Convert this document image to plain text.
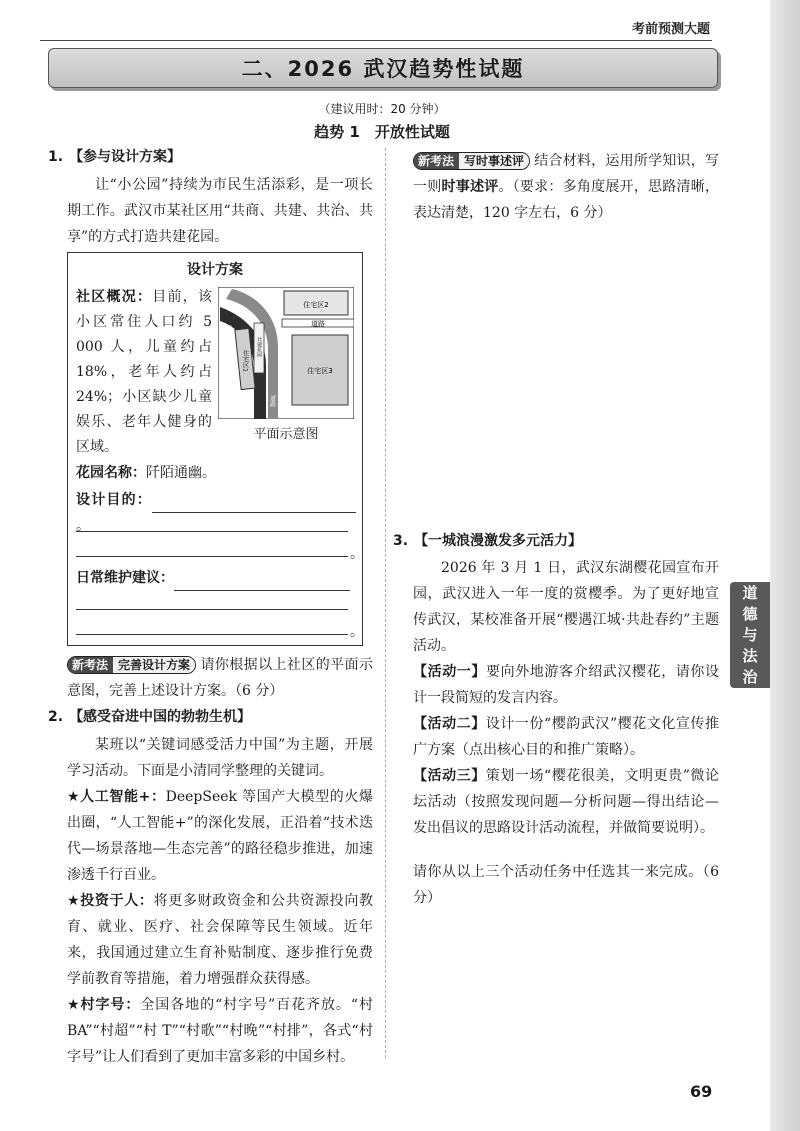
考前预测大题
二、2026 武汉趋势性试题
（建议用时：20 分钟）
趋势 1　开放性试题
1. 【参与设计方案】
让“小公园”持续为市民生活添彩，是一项长期工作。武汉市某社区用“共商、共建、共治、共享”的方式打造共建花园。
设计方案
社区概况：目前，该小区常住人口约 5 000 人，儿童约占 18%，老年人约占 24%；小区缺少儿童娱乐、老年人健身的区域。
住宅区2
道路
住宅区3
住宅区1
道路
共建花园
道路
平面示意图
花园名称：阡陌通幽。
设计目的：。
。
日常维护建议：
。
新考法 完善设计方案 请你根据以上社区的平面示意图，完善上述设计方案。（6 分）
2. 【感受奋进中国的勃勃生机】
某班以“关键词感受活力中国”为主题，开展学习活动。下面是小清同学整理的关键词。
★人工智能+：DeepSeek 等国产大模型的火爆出圈，“人工智能+”的深化发展，正沿着“技术迭代—场景落地—生态完善”的路径稳步推进，加速渗透千行百业。
★投资于人：将更多财政资金和公共资源投向教育、就业、医疗、社会保障等民生领域。近年来，我国通过建立生育补贴制度、逐步推行免费学前教育等措施，着力增强群众获得感。
★村字号：全国各地的“村字号”百花齐放。“村 BA”“村超”“村 T”“村歌”“村晚”“村排”，各式“村字号”让人们看到了更加丰富多彩的中国乡村。
新考法 写时事述评 结合材料，运用所学知识，写一则时事述评。（要求：多角度展开，思路清晰，表达清楚，120 字左右，6 分）
3. 【一城浪漫激发多元活力】
2026 年 3 月 1 日，武汉东湖樱花园宣布开园，武汉进入一年一度的赏樱季。为了更好地宣传武汉，某校准备开展“樱遇江城·共赴春约”主题活动。
【活动一】要向外地游客介绍武汉樱花，请你设计一段简短的发言内容。
【活动二】设计一份“樱韵武汉”樱花文化宣传推广方案（点出核心目的和推广策略）。
【活动三】策划一场“樱花很美，文明更贵”微论坛活动（按照发现问题—分析问题—得出结论—发出倡议的思路设计活动流程，并做简要说明）。
请你从以上三个活动任务中任选其一来完成。（6 分）
道
德
与
法
治
69
